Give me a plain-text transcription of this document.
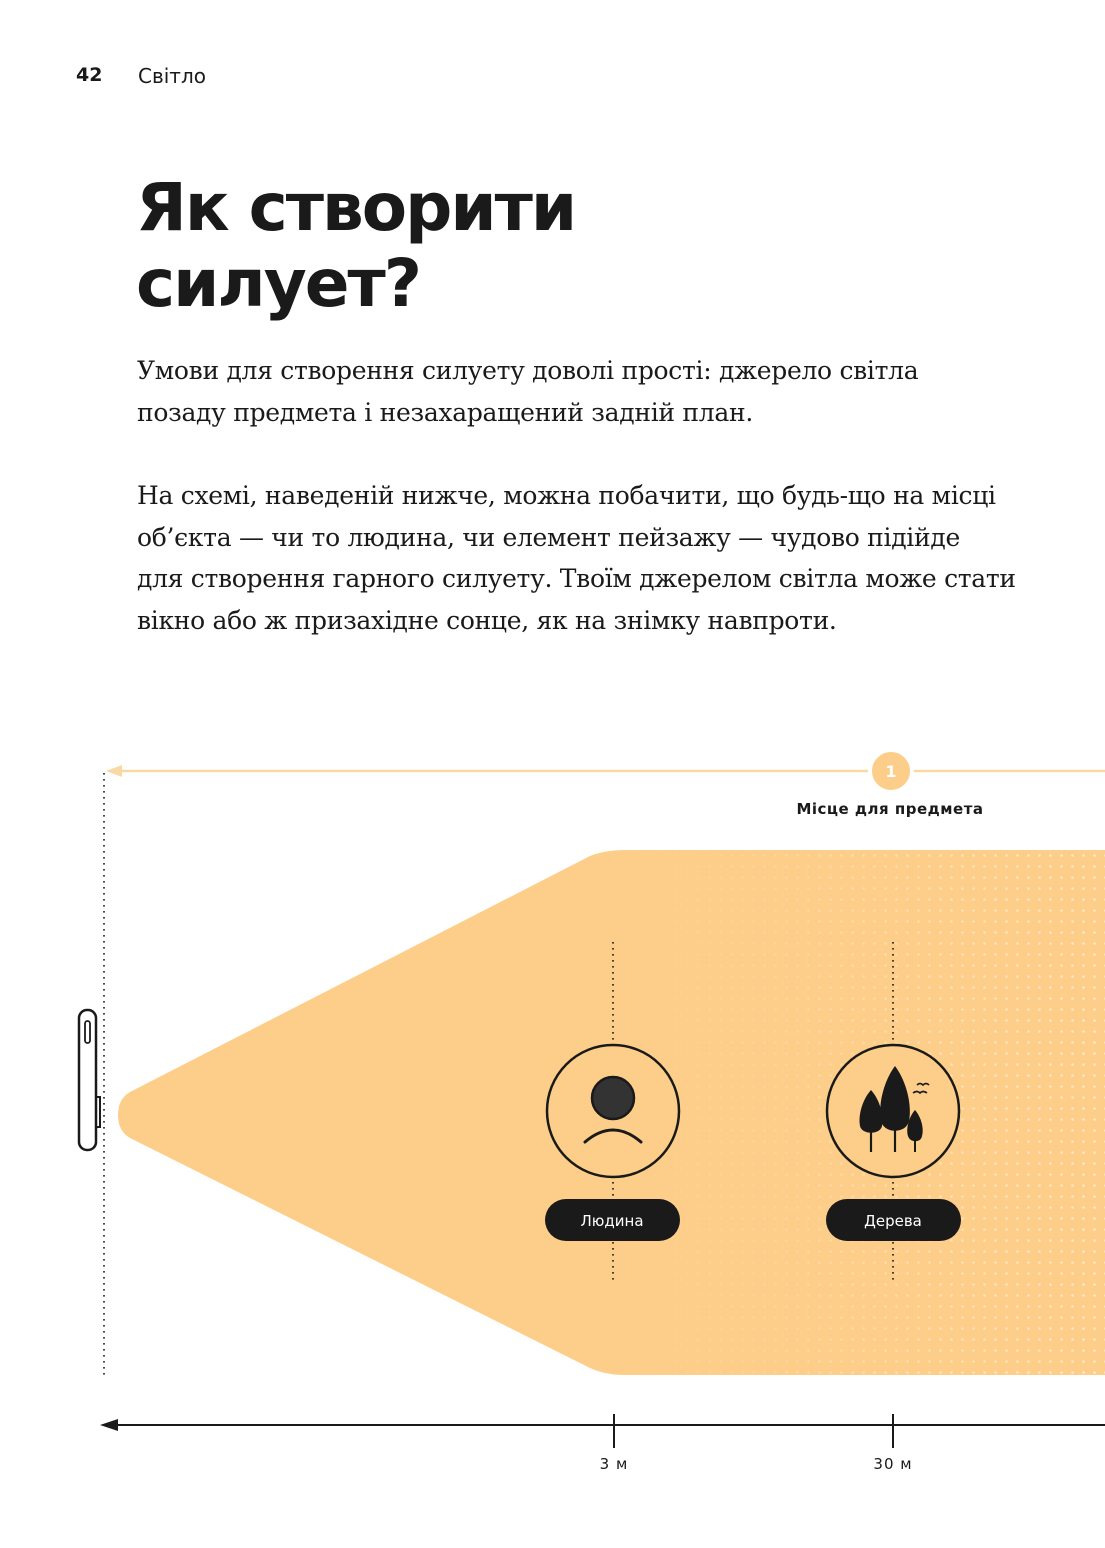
42 Світло
Як створити
силует?

Умови для створення силуету доволі прості: джерело світла
позаду предмета і незахаращений задній план.

На схемі, наведеній нижче, можна побачити, що будь-що на місці
об’єкта — чи то людина, чи елемент пейзажу — чудово підійде
для створення гарного силуету. Твоїм джерелом світла може стати
вікно або ж призахідне сонце, як на знімку навпроти.

1
Місце для предмета
Людина	Дерева
3 м	30 м
